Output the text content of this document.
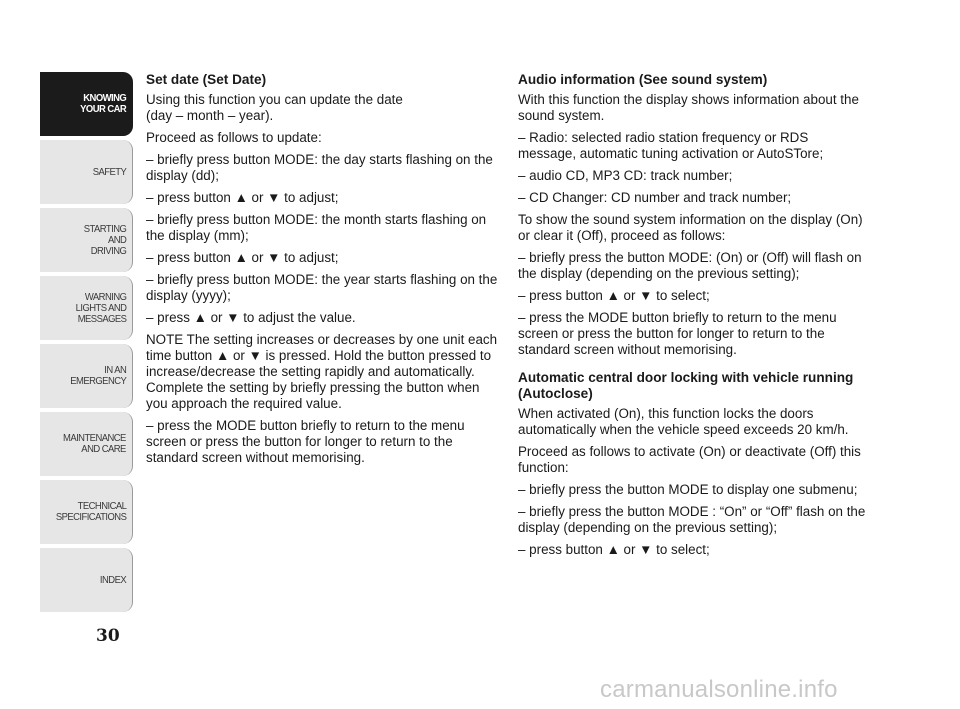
KNOWING
YOUR CAR
SAFETY
STARTING
AND
DRIVING
WARNING
LIGHTS AND
MESSAGES
IN AN
EMERGENCY
MAINTENANCE
AND CARE
TECHNICAL
SPECIFICATIONS
INDEX
30
Set date (Set Date)

Using this function you can update the date
(day – month – year).

Proceed as follows to update:

– briefly press button MODE: the day starts flashing on the display (dd);

– press button ▲ or ▼ to adjust;

– briefly press button MODE: the month starts flashing on the display (mm);

– press button ▲ or ▼ to adjust;

– briefly press button MODE: the year starts flashing on the display (yyyy);

– press ▲ or ▼ to adjust the value.

NOTE The setting increases or decreases by one unit each time button ▲ or ▼ is pressed. Hold the button pressed to increase/decrease the setting rapidly and automatically. Complete the setting by briefly pressing the button when you approach the required value.

– press the MODE button briefly to return to the menu screen or press the button for longer to return to the standard screen without memorising.

Audio information (See sound system)

With this function the display shows information about the sound system.

– Radio: selected radio station frequency or RDS message, automatic tuning activation or AutoSTore;

– audio CD, MP3 CD: track number;

– CD Changer: CD number and track number;

To show the sound system information on the display (On) or clear it (Off), proceed as follows:

– briefly press the button MODE: (On) or (Off) will flash on the display (depending on the previous setting);

– press button ▲ or ▼ to select;

– press the MODE button briefly to return to the menu screen or press the button for longer to return to the standard screen without memorising.

Automatic central door locking with vehicle running (Autoclose)

When activated (On), this function locks the doors automatically when the vehicle speed exceeds 20 km/h.

Proceed as follows to activate (On) or deactivate (Off) this function:

– briefly press the button MODE to display one submenu;

– briefly press the button MODE : “On” or “Off” flash on the display (depending on the previous setting);

– press button ▲ or ▼ to select;

carmanualsonline.info
